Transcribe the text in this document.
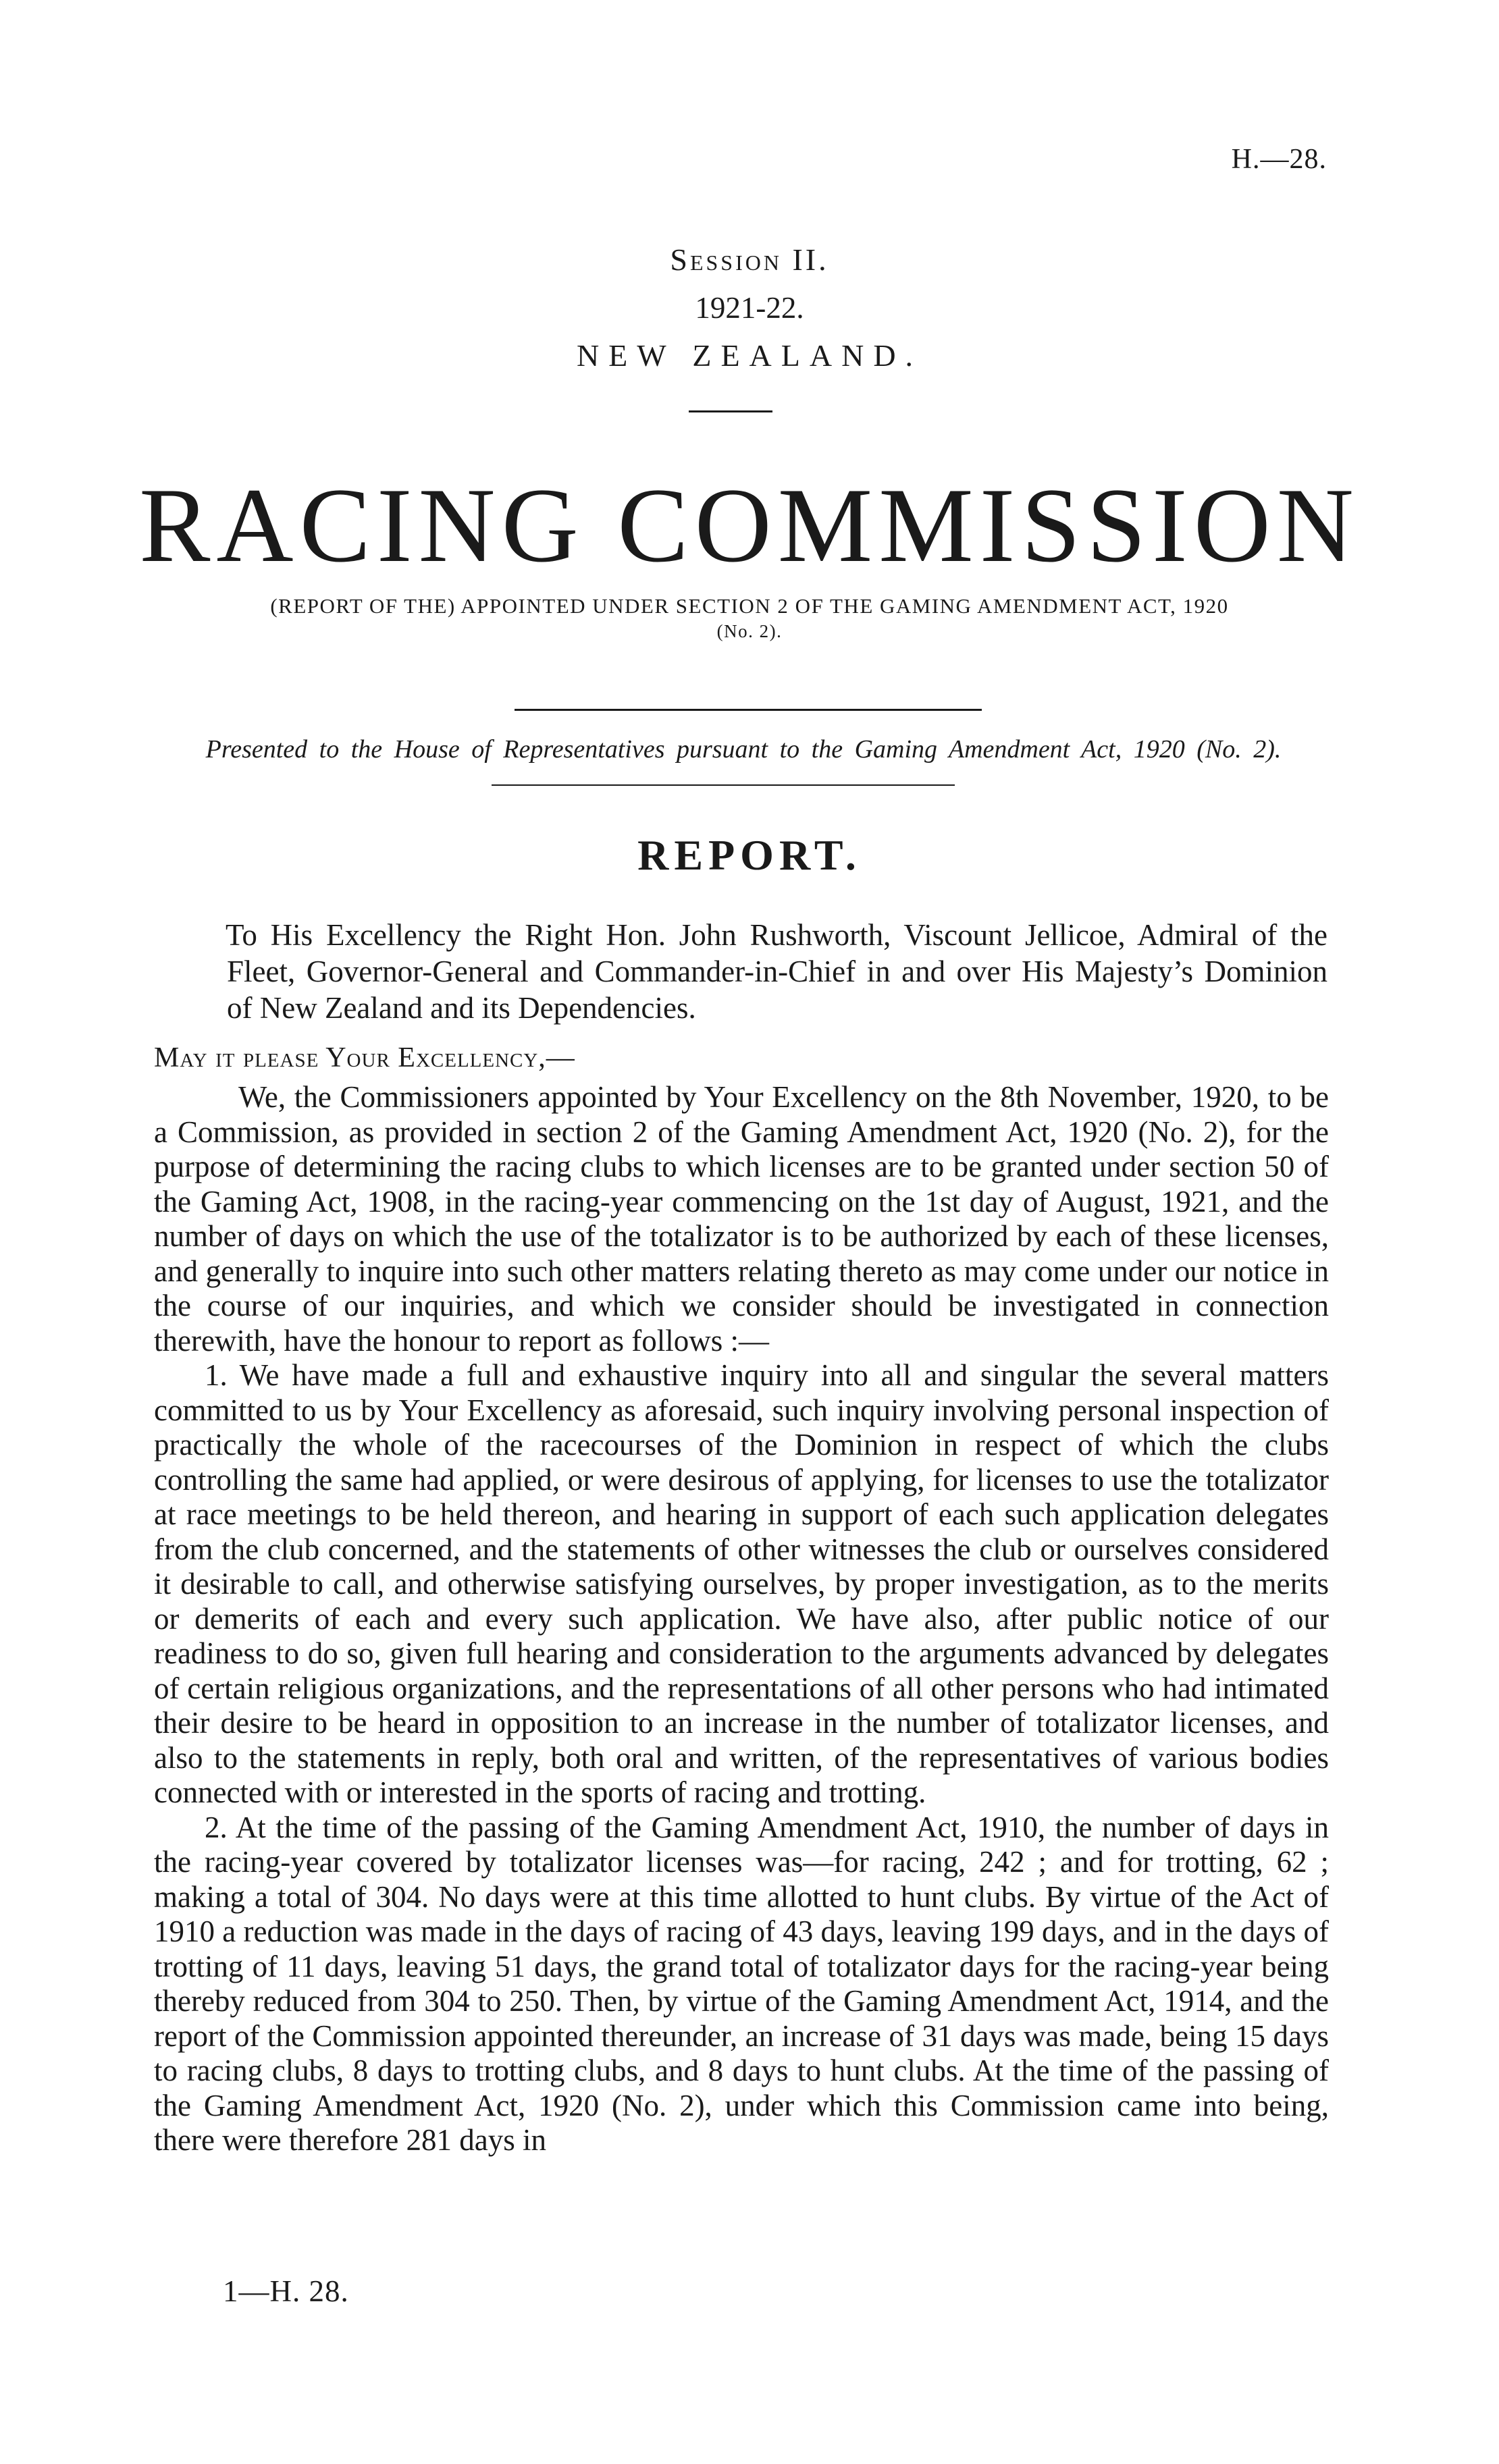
H.—28.
Session II.
1921-22.
NEW ZEALAND.
RACING COMMISSION
(REPORT OF THE) APPOINTED UNDER SECTION 2 OF THE GAMING AMENDMENT ACT, 1920
(No. 2).
Presented to the House of Representatives pursuant to the Gaming Amendment Act, 1920 (No. 2).
REPORT.
To His Excellency the Right Hon. John Rushworth, Viscount Jellicoe, Admiral of the Fleet, Governor-General and Commander-in-Chief in and over His Majesty’s Dominion of New Zealand and its Dependencies.
May it please Your Excellency,—

We, the Commissioners appointed by Your Excellency on the 8th November, 1920, to be a Commission, as provided in section 2 of the Gaming Amendment Act, 1920 (No. 2), for the purpose of determining the racing clubs to which licenses are to be granted under section 50 of the Gaming Act, 1908, in the racing-year commencing on the 1st day of August, 1921, and the number of days on which the use of the totalizator is to be authorized by each of these licenses, and generally to inquire into such other matters relating thereto as may come under our notice in the course of our inquiries, and which we consider should be investigated in connection therewith, have the honour to report as follows :—

1. We have made a full and exhaustive inquiry into all and singular the several matters committed to us by Your Excellency as aforesaid, such inquiry involving personal inspection of practically the whole of the racecourses of the Dominion in respect of which the clubs controlling the same had applied, or were desirous of applying, for licenses to use the totalizator at race meetings to be held thereon, and hearing in support of each such application delegates from the club concerned, and the statements of other witnesses the club or ourselves considered it desirable to call, and otherwise satisfying ourselves, by proper investigation, as to the merits or demerits of each and every such application. We have also, after public notice of our readiness to do so, given full hearing and consideration to the arguments advanced by delegates of certain religious organizations, and the representations of all other persons who had intimated their desire to be heard in opposition to an increase in the number of totalizator licenses, and also to the statements in reply, both oral and written, of the representatives of various bodies connected with or interested in the sports of racing and trotting.

2. At the time of the passing of the Gaming Amendment Act, 1910, the number of days in the racing-year covered by totalizator licenses was—for racing, 242 ; and for trotting, 62 ; making a total of 304. No days were at this time allotted to hunt clubs. By virtue of the Act of 1910 a reduction was made in the days of racing of 43 days, leaving 199 days, and in the days of trotting of 11 days, leaving 51 days, the grand total of totalizator days for the racing-year being thereby reduced from 304 to 250. Then, by virtue of the Gaming Amendment Act, 1914, and the report of the Commission appointed thereunder, an increase of 31 days was made, being 15 days to racing clubs, 8 days to trotting clubs, and 8 days to hunt clubs. At the time of the passing of the Gaming Amendment Act, 1920 (No. 2), under which this Commission came into being, there were therefore 281 days in

1—H. 28.
